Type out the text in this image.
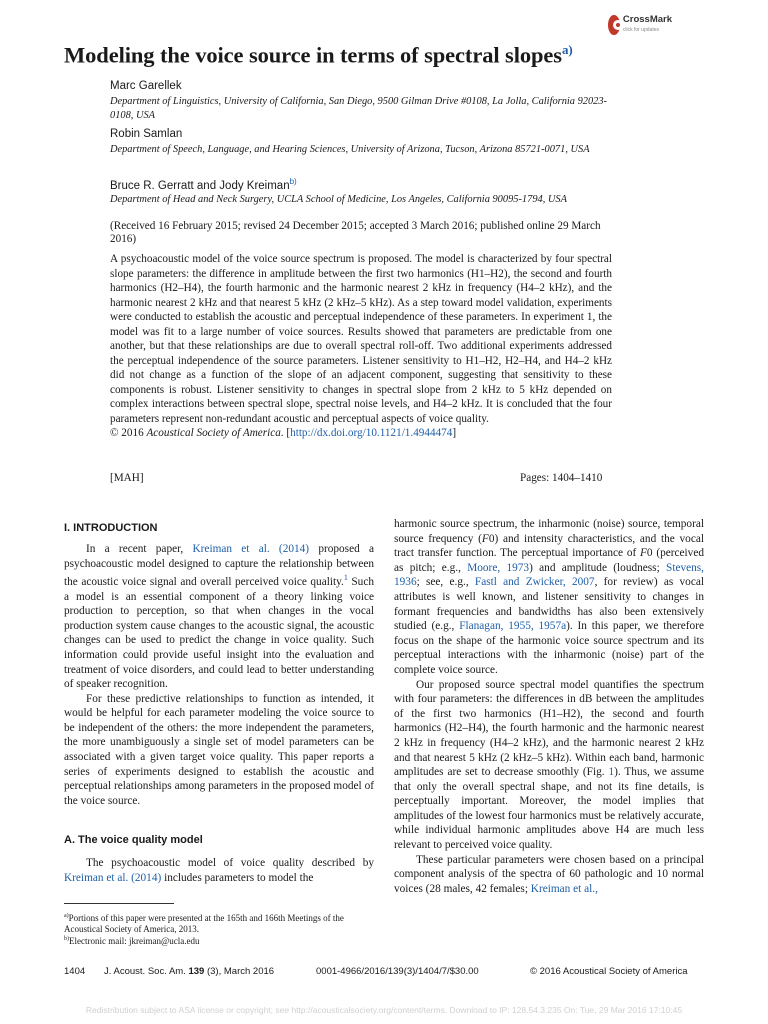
CrossMark
click for updates
Modeling the voice source in terms of spectral slopes$^{a)}$
Marc Garellek
Department of Linguistics, University of California, San Diego, 9500 Gilman Drive #0108, La Jolla, California 92023-0108, USA
Robin Samlan
Department of Speech, Language, and Hearing Sciences, University of Arizona, Tucson, Arizona 85721-0071, USA
Bruce R. Gerratt and Jody Kreiman$^{b)}$
Department of Head and Neck Surgery, UCLA School of Medicine, Los Angeles, California 90095-1794, USA
(Received 16 February 2015; revised 24 December 2015; accepted 3 March 2016; published online 29 March 2016)
A psychoacoustic model of the voice source spectrum is proposed. The model is characterized by four spectral slope parameters: the difference in amplitude between the first two harmonics (H1–H2), the second and fourth harmonics (H2–H4), the fourth harmonic and the harmonic nearest 2 kHz in frequency (H4–2 kHz), and the harmonic nearest 2 kHz and that nearest 5 kHz (2 kHz–5 kHz). As a step toward model validation, experiments were conducted to establish the acoustic and perceptual independence of these parameters. In experiment 1, the model was fit to a large number of voice sources. Results showed that parameters are predictable from one another, but that these relationships are due to overall spectral roll-off. Two additional experiments addressed the perceptual independence of the source parameters. Listener sensitivity to H1–H2, H2–H4, and H4–2 kHz did not change as a function of the slope of an adjacent component, suggesting that sensitivity to these components is robust. Listener sensitivity to changes in spectral slope from 2 kHz to 5 kHz depended on complex interactions between spectral slope, spectral noise levels, and H4–2 kHz. It is concluded that the four parameters represent non-redundant acoustic and perceptual aspects of voice quality.
© 2016 Acoustical Society of America. [http://dx.doi.org/10.1121/1.4944474]
[MAH]	Pages: 1404–1410
I. INTRODUCTION

In a recent paper, Kreiman et al. (2014) proposed a psychoacoustic model designed to capture the relationship between the acoustic voice signal and overall perceived voice quality.$^1$ Such a model is an essential component of a theory linking voice production to perception, so that when changes in the vocal production system cause changes to the acoustic signal, the acoustic changes can be used to predict the change in voice quality. Such information could provide useful insight into the evaluation and treatment of voice disorders, and could lead to better understanding of speaker recognition.

For these predictive relationships to function as intended, it would be helpful for each parameter modeling the voice source to be independent of the others: the more independent the parameters, the more unambiguously a single set of model parameters can be associated with a given target voice quality. This paper reports a series of experiments designed to establish the acoustic and perceptual relationships among parameters in the proposed model of the voice source.

A. The voice quality model

The psychoacoustic model of voice quality described by Kreiman et al. (2014) includes parameters to model the

$^{a)}$Portions of this paper were presented at the 165th and 166th Meetings of the Acoustical Society of America, 2013.
$^{b)}$Electronic mail: jkreiman@ucla.edu

harmonic source spectrum, the inharmonic (noise) source, temporal source frequency (F0) and intensity characteristics, and the vocal tract transfer function. The perceptual importance of F0 (perceived as pitch; e.g., Moore, 1973) and amplitude (loudness; Stevens, 1936; see, e.g., Fastl and Zwicker, 2007, for review) as vocal attributes is well known, and listener sensitivity to changes in formant frequencies and bandwidths has also been extensively studied (e.g., Flanagan, 1955, 1957a). In this paper, we therefore focus on the shape of the harmonic voice source spectrum and its perceptual interactions with the inharmonic (noise) part of the complete voice source.

Our proposed source spectral model quantifies the spectrum with four parameters: the differences in dB between the amplitudes of the first two harmonics (H1–H2), the second and fourth harmonics (H2–H4), the fourth harmonic and the harmonic nearest 2 kHz in frequency (H4–2 kHz), and the harmonic nearest 2 kHz and that nearest 5 kHz (2 kHz–5 kHz). Within each band, harmonic amplitudes are set to decrease smoothly (Fig. 1). Thus, we assume that only the overall spectral shape, and not its fine details, is perceptually important. Moreover, the model implies that amplitudes of the lowest four harmonics must be relatively accurate, while individual harmonic amplitudes above H4 are much less relevant to perceived voice quality.

These particular parameters were chosen based on a principal component analysis of the spectra of 60 pathologic and 10 normal voices (28 males, 42 females; Kreiman et al.,

1404 J. Acoust. Soc. Am. 139 (3), March 2016	0001-4966/2016/139(3)/1404/7/$30.00	© 2016 Acoustical Society of America
Redistribution subject to ASA license or copyright; see http://acousticalsociety.org/content/terms. Download to IP: 128.54.3.235 On: Tue, 29 Mar 2016 17:10:45
